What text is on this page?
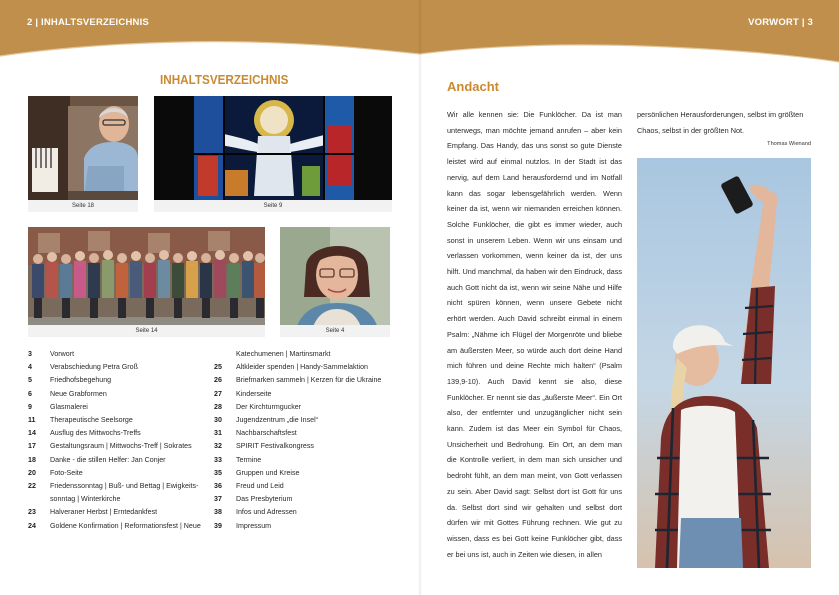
2 | INHALTSVERZEICHNIS	VORWORT | 3
INHALTSVERZEICHNIS
Seite 18	Seite 9
Seite 14	Seite 4
3	Vorwort
4	Verabschiedung Petra Groß
5	Friedhofsbegehung
6	Neue Grabformen
9	Glasmalerei
11	Therapeutische Seelsorge
14	Ausflug des Mittwochs-Treffs
17	Gestaltungsraum | Mittwochs-Treff | Sokrates
18	Danke - die stillen Helfer: Jan Conjer
20	Foto-Seite
22	Friedenssonntag | Buß- und Bettag | Ewigkeits-
sonntag | Winterkirche
23	Halveraner Herbst | Erntedankfest
24	Goldene Konfirmation | Reformationsfest | Neue
Katechumenen | Martinsmarkt
25	Altkleider spenden | Handy-Sammelaktion
26	Briefmarken sammeln | Kerzen für die Ukraine
27	Kinderseite
28	Der Kirchturmgucker
30	Jugendzentrum „die Insel“
31	Nachbarschaftsfest
32	SPIRIT Festivalkongress
33	Termine
35	Gruppen und Kreise
36	Freud und Leid
37	Das Presbyterium
38	Infos und Adressen
39	Impressum
Andacht

Wir alle kennen sie: Die Funklöcher. Da ist man unterwegs, man möchte jemand anrufen – aber kein Empfang. Das Handy, das uns sonst so gute Dienste leistet wird auf einmal nutzlos. In der Stadt ist das nervig, auf dem Land herausfordernd und im Notfall kann das sogar lebensgefährlich werden. Wenn keiner da ist, wenn wir niemanden erreichen können. Solche Funklöcher, die gibt es immer wieder, auch sonst in unserem Leben. Wenn wir uns einsam und verlassen vorkommen, wenn keiner da ist, der uns hilft. Und manchmal, da haben wir den Eindruck, dass auch Gott nicht da ist, wenn wir seine Nähe und Hilfe nicht spüren können, wenn unsere Gebete nicht erhört werden. Auch David schreibt einmal in einem Psalm: „Nähme ich Flügel der Morgenröte und bliebe am äußersten Meer, so würde auch dort deine Hand mich führen und deine Rechte mich halten“ (Psalm 139,9-10). Auch David kennt sie also, diese Funklöcher. Er nennt sie das „äußerste Meer“. Ein Ort also, der entfernter und unzugänglicher nicht sein kann. Zudem ist das Meer ein Symbol für Chaos, Unsicherheit und Bedrohung. Ein Ort, an dem man die Kontrolle verliert, in dem man sich unsicher und bedroht fühlt, an dem man meint, von Gott verlassen zu sein. Aber David sagt: Selbst dort ist Gott für uns da. Selbst dort sind wir gehalten und selbst dort dürfen wir mit Gottes Führung rechnen. Wie gut zu wissen, dass es bei Gott keine Funklöcher gibt, dass er bei uns ist, auch in Zeiten wie diesen, in allen

persönlichen Herausforderungen, selbst im größten Chaos, selbst in der größten Not.
Thomas Wienand
